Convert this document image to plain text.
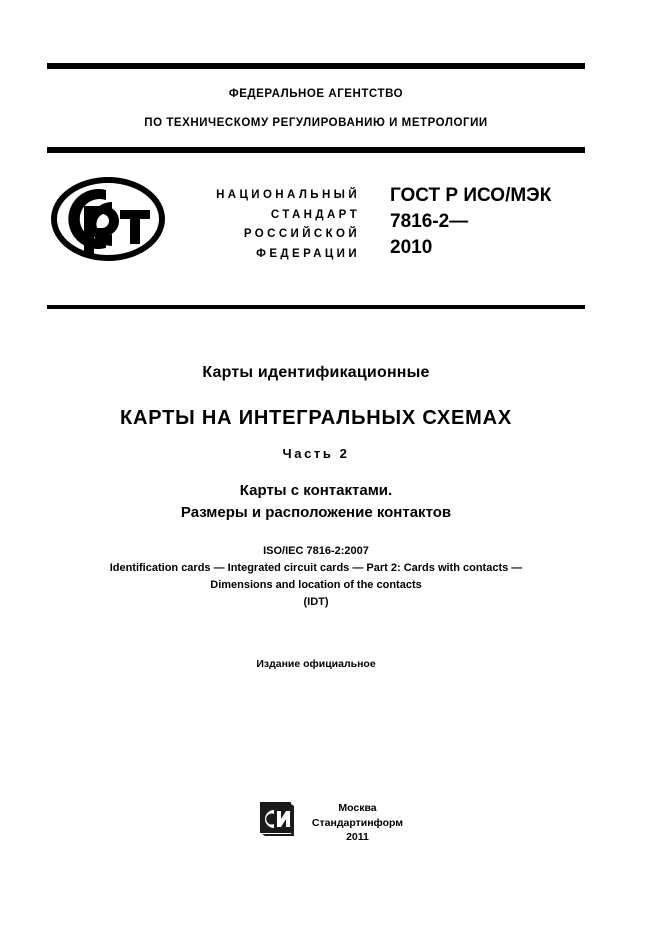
ФЕДЕРАЛЬНОЕ АГЕНТСТВО
ПО ТЕХНИЧЕСКОМУ РЕГУЛИРОВАНИЮ И МЕТРОЛОГИИ
НАЦИОНАЛЬНЫЙ
СТАНДАРТ
РОССИЙСКОЙ
ФЕДЕРАЦИИ
ГОСТ Р ИСО/МЭК
7816-2—
2010
Карты идентификационные
КАРТЫ НА ИНТЕГРАЛЬНЫХ СХЕМАХ
Часть 2
Карты с контактами.
Размеры и расположение контактов
ISO/IEC 7816-2:2007
Identification cards — Integrated circuit cards — Part 2: Cards with contacts —
Dimensions and location of the contacts
(IDT)
Издание официальное
Москва
Стандартинформ
2011
